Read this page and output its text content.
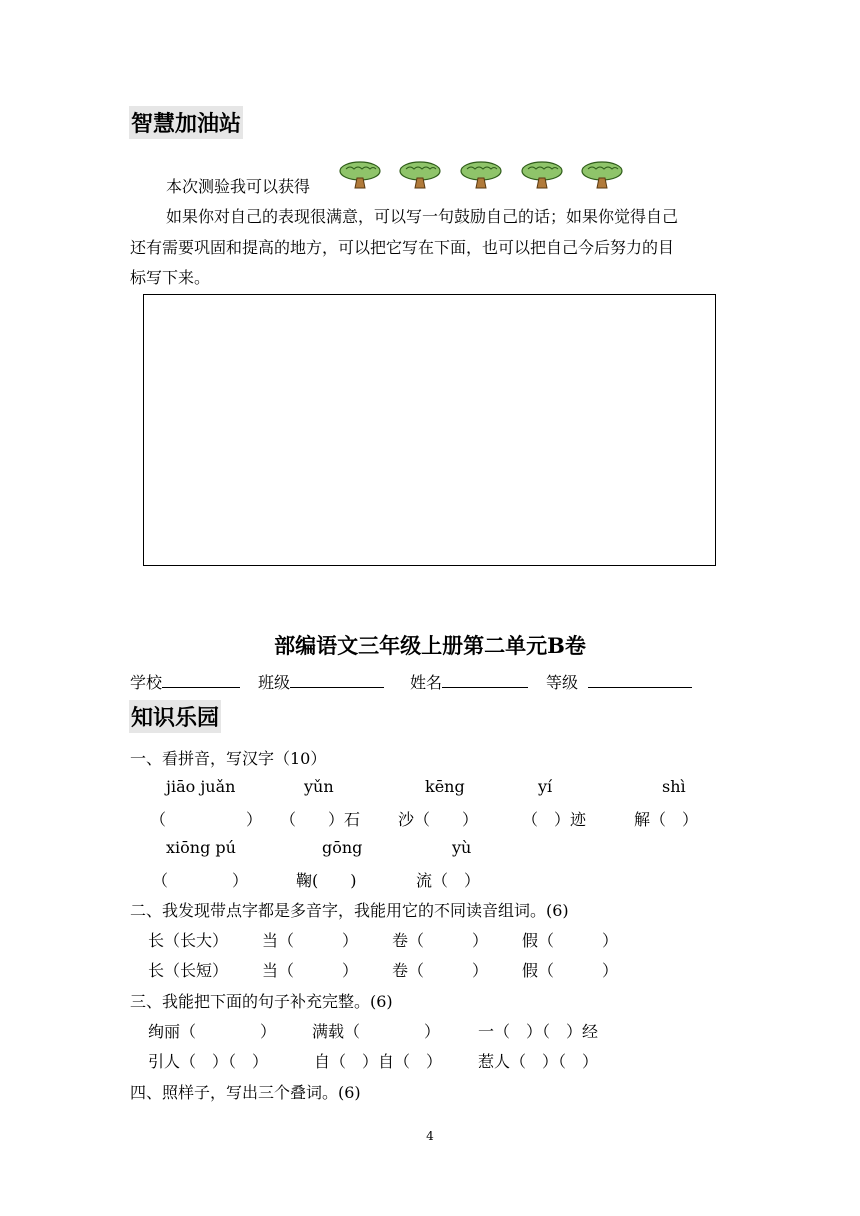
智慧加油站
本次测验我可以获得
如果你对自己的表现很满意，可以写一句鼓励自己的话；如果你觉得自己
还有需要巩固和提高的地方，可以把它写在下面，也可以把自己今后努力的目
标写下来。
部编语文三年级上册第二单元B卷
学校	班级	姓名	等级
知识乐园
一、看拼音，写汉字（10）
jiāo juǎn	yǔn	kēng	yí	shì
（　　　　　） （　　）石 沙（　　）	（　）迹	解（　）
xiōng pú	gōng	yù
（　　　　）	鞠(　　)	流（　）
二、我发现带点字都是多音字，我能用它的不同读音组词。(6)
长（长大） 当（　　　） 卷（　　　） 假（　　　）
长（长短） 当（　　　） 卷（　　　） 假（　　　）
三、我能把下面的句子补充完整。(6)
绚丽（　　　　） 满载（　　　　） 一（　）（　）经
引人（　）（　）	自（　）自（　） 惹人（　）（　）
四、照样子，写出三个叠词。(6)
4
